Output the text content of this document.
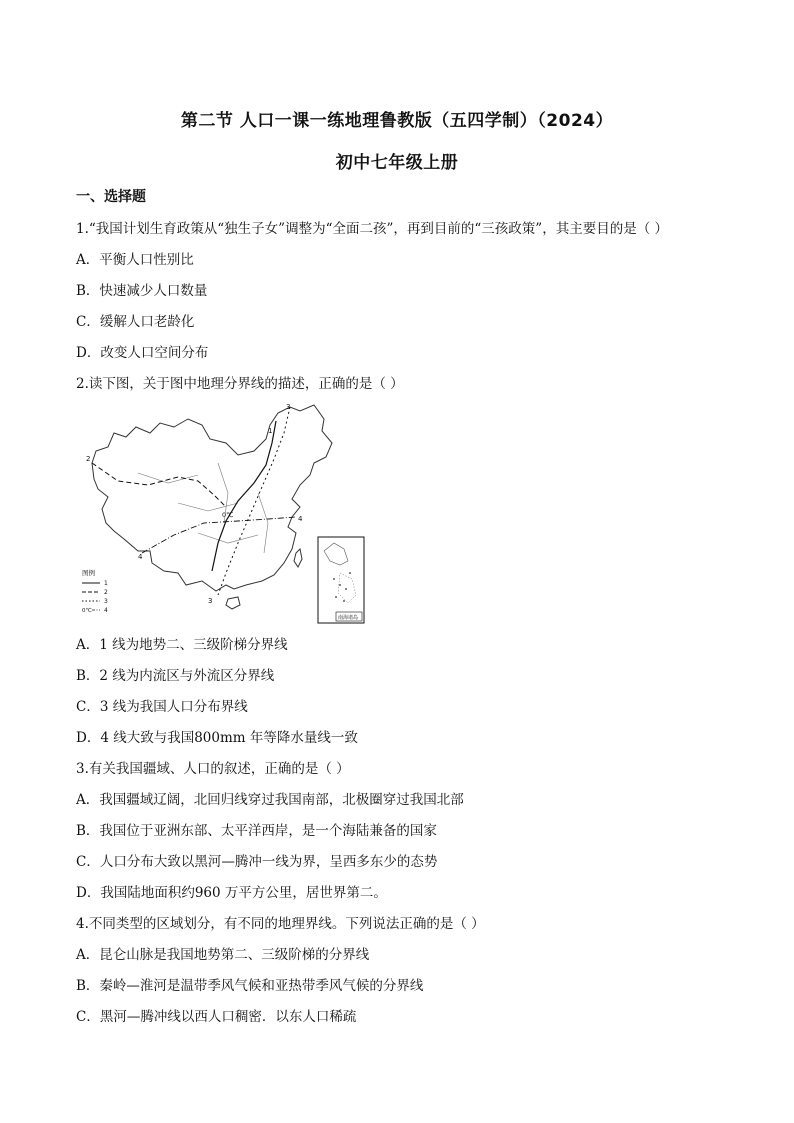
第二节 人口一课一练地理鲁教版（五四学制）（2024）
初中七年级上册
一、选择题
1.“我国计划生育政策从“独生子女”调整为“全面二孩”，再到目前的“三孩政策”，其主要目的是（ ）
A．平衡人口性别比
B．快速减少人口数量
C．缓解人口老龄化
D．改变人口空间分布
2.读下图，关于图中地理分界线的描述，正确的是（ ）
1
2
3
3
4
4
0℃
图例
1
2
3
0℃ 4
南海诸岛
A．1 线为地势二、三级阶梯分界线
B．2 线为内流区与外流区分界线
C．3 线为我国人口分布界线
D．4 线大致与我国800mm 年等降水量线一致
3.有关我国疆域、人口的叙述，正确的是（ ）
A．我国疆域辽阔，北回归线穿过我国南部，北极圈穿过我国北部
B．我国位于亚洲东部、太平洋西岸，是一个海陆兼备的国家
C．人口分布大致以黑河—腾冲一线为界，呈西多东少的态势
D．我国陆地面积约960 万平方公里，居世界第二。
4.不同类型的区域划分，有不同的地理界线。下列说法正确的是（ ）
A．昆仑山脉是我国地势第二、三级阶梯的分界线
B．秦岭—淮河是温带季风气候和亚热带季风气候的分界线
C．黑河—腾冲线以西人口稠密．以东人口稀疏
